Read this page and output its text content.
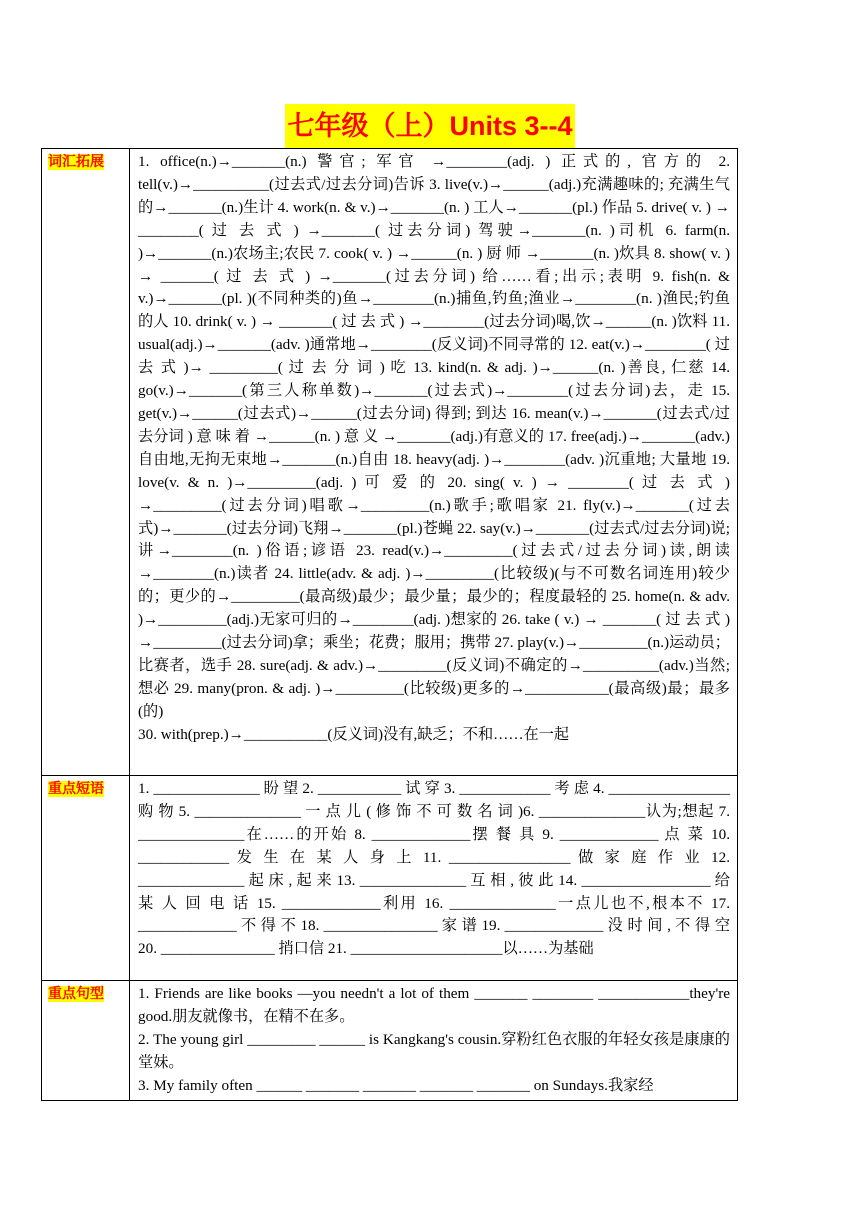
七年级（上）Units 3--4
词汇拓展	1. office(n.)→_______(n.) 警官; 军官 →________(adj. ) 正式的, 官方的 2. tell(v.)→__________(过去式/过去分词)告诉 3. live(v.)→______(adj.)充满趣味的; 充满生气的→_______(n.)生计 4. work(n. & v.)→_______(n. ) 工人→_______(pl.) 作品 5. drive( v. ) → ________( 过 去 式 ) →_______( 过去分词) 驾驶→_______(n. )司机 6. farm(n. )→_______(n.)农场主;农民 7. cook( v. ) →______(n. ) 厨 师 →_______(n. )炊具 8. show( v. ) → _______( 过 去 式 ) →_______(过去分词) 给……看;出示;表明 9. fish(n. & v.)→_______(pl. )(不同种类的)鱼→________(n.)捕鱼,钓鱼;渔业→________(n. )渔民;钓鱼的人 10. drink( v. ) → _______( 过 去 式 ) →________(过去分词)喝,饮→______(n. )饮料 11. usual(adj.)→_______(adv. )通常地→________(反义词)不同寻常的 12. eat(v.)→________( 过 去 式 )→ _________( 过 去 分 词 ) 吃 13. kind(n. & adj. )→______(n. )善良, 仁慈 14. go(v.)→_______(第三人称单数)→_______(过去式)→________(过去分词)去，走 15. get(v.)→______(过去式)→______(过去分词) 得到; 到达 16. mean(v.)→_______(过去式/过去分词 ) 意 味 着 →______(n. ) 意 义 →_______(adj.)有意义的 17. free(adj.)→_______(adv.)自由地,无拘无束地→_______(n.)自由 18. heavy(adj. )→________(adv. )沉重地; 大量地 19. love(v. & n. )→_________(adj. ) 可 爱 的 20. sing( v. ) → ________( 过 去 式 ) →_________(过去分词)唱歌→_________(n.)歌手;歌唱家 21. fly(v.)→_______(过去式)→_______(过去分词)飞翔→_______(pl.)苍蝇 22. say(v.)→_______(过去式/过去分词)说;讲→________(n. )俗语;谚语 23. read(v.)→_________(过去式/过去分词)读,朗读→________(n.)读者 24. little(adv. & adj. )→_________(比较级)(与不可数名词连用)较少的；更少的→_________(最高级)最少；最少量；最少的；程度最轻的 25. home(n. & adv. )→_________(adj.)无家可归的→________(adj. )想家的 26. take ( v.) → _______( 过 去 式 ) →_________(过去分词)拿；乘坐；花费；服用；携带 27. play(v.)→_________(n.)运动员；比赛者，选手 28. sure(adj. & adv.)→_________(反义词)不确定的→__________(adv.)当然;想必 29. many(pron. & adj. )→_________(比较级)更多的→___________(最高级)最；最多(的)
30. with(prep.)→___________(反义词)没有,缺乏；不和……在一起

重点短语	1. ______________ 盼 望 2. ___________ 试 穿 3. ____________ 考 虑 4. ________________ 购 物 5. ______________ 一 点 儿 ( 修 饰 不 可 数 名 词 )6. ______________认为;想起 7. ______________在……的开始 8. _____________摆 餐 具 9. _____________ 点 菜 10. ____________ 发 生 在 某 人 身 上 11. ________________ 做 家 庭 作 业 12. ______________ 起 床 , 起 来 13. ______________ 互 相 , 彼 此 14. _________________ 给 某 人 回 电 话 15. _____________利用 16. ______________一点儿也不,根本不 17. _____________ 不 得 不 18. _______________ 家 谱 19. _____________ 没 时 间 , 不 得 空 20. _______________ 捎口信 21. ____________________以……为基础

重点句型	1. Friends are like books —you needn't a lot of them _______ ________ ____________they're good.朋友就像书，在精不在多。
2. The young girl _________ ______ is Kangkang's cousin.穿粉红色衣服的年轻女孩是康康的堂妹。
3. My family often ______ _______ _______ _______ _______ on Sundays.我家经
